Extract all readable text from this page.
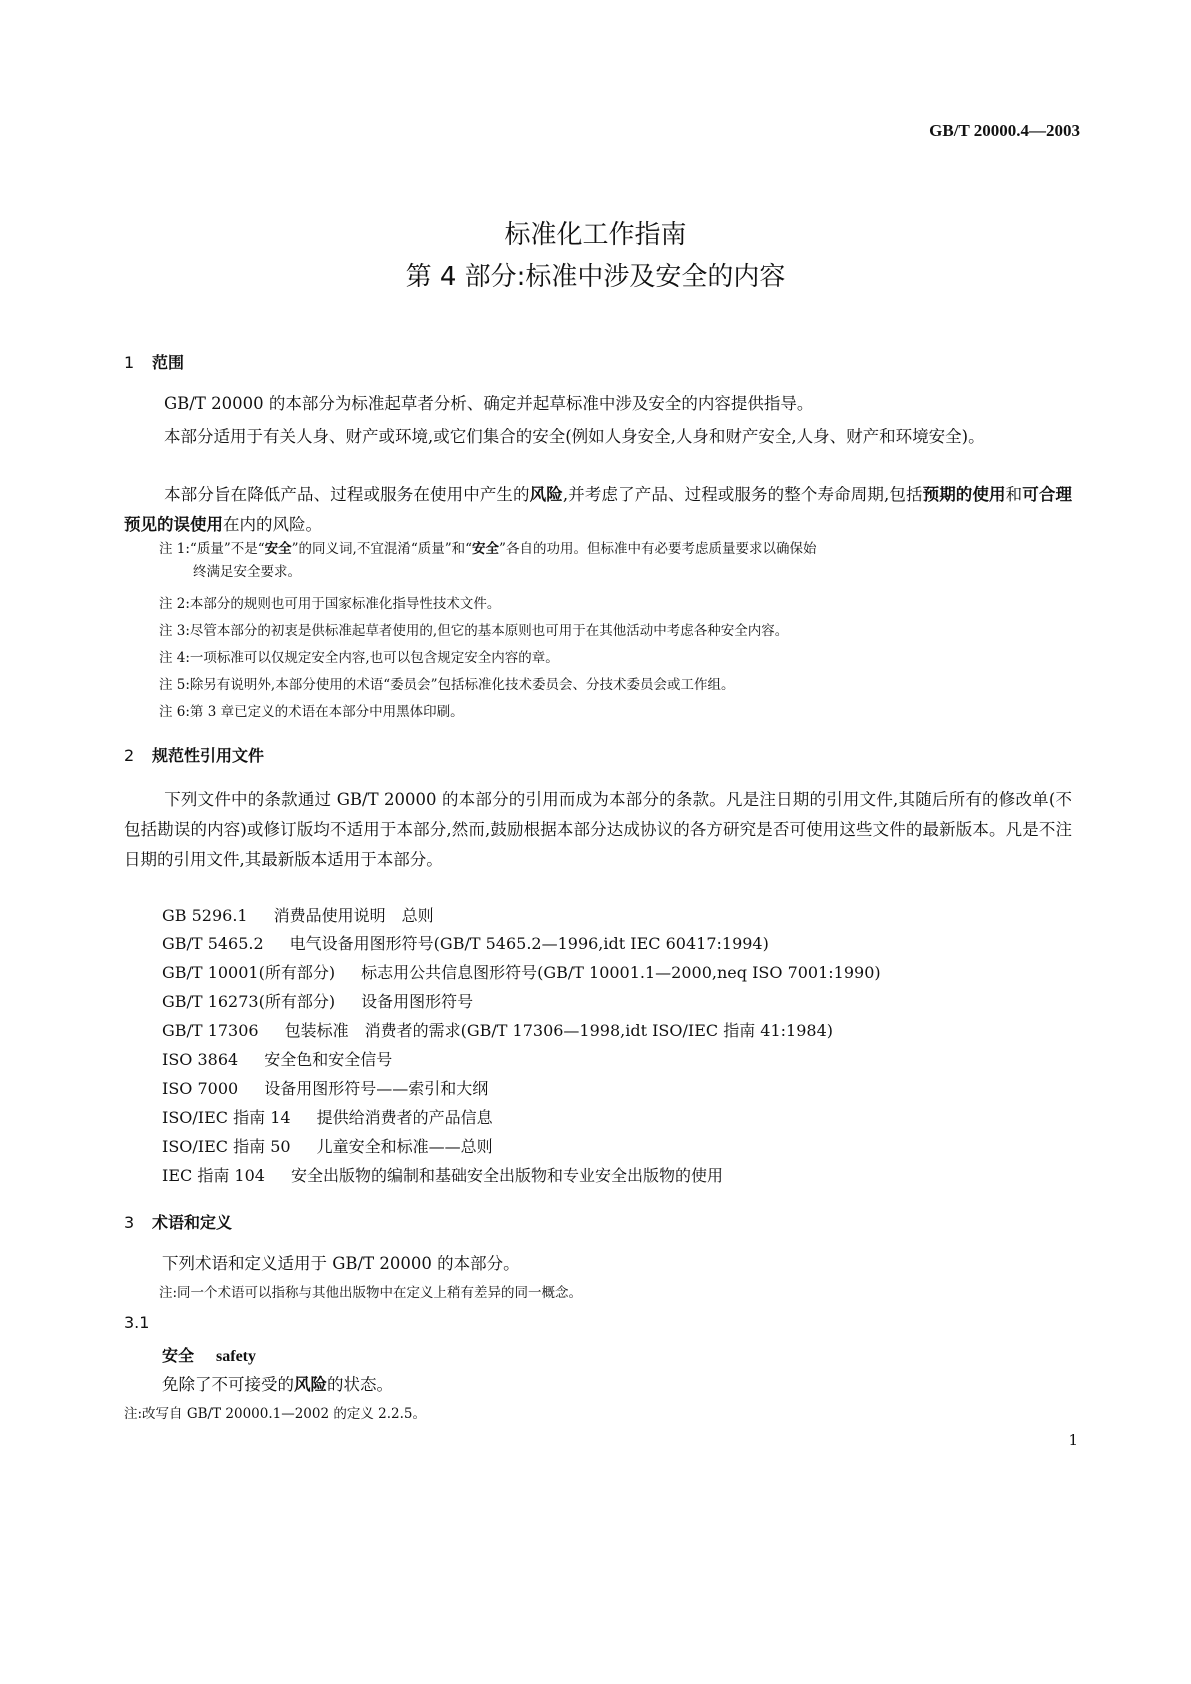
GB/T 20000.4—2003
标准化工作指南
第 4 部分:标准中涉及安全的内容
1 范围
GB/T 20000 的本部分为标准起草者分析、确定并起草标准中涉及安全的内容提供指导。
本部分适用于有关人身、财产或环境,或它们集合的安全(例如人身安全,人身和财产安全,人身、财产和环境安全)。
本部分旨在降低产品、过程或服务在使用中产生的风险,并考虑了产品、过程或服务的整个寿命周期,包括预期的使用和可合理预见的误使用在内的风险。
注 1:“质量”不是“安全”的同义词,不宜混淆“质量”和“安全”各自的功用。但标准中有必要考虑质量要求以确保始
终满足安全要求。
注 2:本部分的规则也可用于国家标准化指导性技术文件。
注 3:尽管本部分的初衷是供标准起草者使用的,但它的基本原则也可用于在其他活动中考虑各种安全内容。
注 4:一项标准可以仅规定安全内容,也可以包含规定安全内容的章。
注 5:除另有说明外,本部分使用的术语“委员会”包括标准化技术委员会、分技术委员会或工作组。
注 6:第 3 章已定义的术语在本部分中用黑体印刷。
2 规范性引用文件
下列文件中的条款通过 GB/T 20000 的本部分的引用而成为本部分的条款。凡是注日期的引用文件,其随后所有的修改单(不包括勘误的内容)或修订版均不适用于本部分,然而,鼓励根据本部分达成协议的各方研究是否可使用这些文件的最新版本。凡是不注日期的引用文件,其最新版本适用于本部分。
GB 5296.1 消费品使用说明　总则
GB/T 5465.2 电气设备用图形符号(GB/T 5465.2—1996,idt IEC 60417:1994)
GB/T 10001(所有部分) 标志用公共信息图形符号(GB/T 10001.1—2000,neq ISO 7001:1990)
GB/T 16273(所有部分) 设备用图形符号
GB/T 17306 包装标准　消费者的需求(GB/T 17306—1998,idt ISO/IEC 指南 41:1984)
ISO 3864 安全色和安全信号
ISO 7000 设备用图形符号——索引和大纲
ISO/IEC 指南 14 提供给消费者的产品信息
ISO/IEC 指南 50 儿童安全和标准——总则
IEC 指南 104 安全出版物的编制和基础安全出版物和专业安全出版物的使用
3 术语和定义
下列术语和定义适用于 GB/T 20000 的本部分。
注:同一个术语可以指称与其他出版物中在定义上稍有差异的同一概念。
3.1
安全 safety
免除了不可接受的风险的状态。
注:改写自 GB/T 20000.1—2002 的定义 2.2.5。
1
